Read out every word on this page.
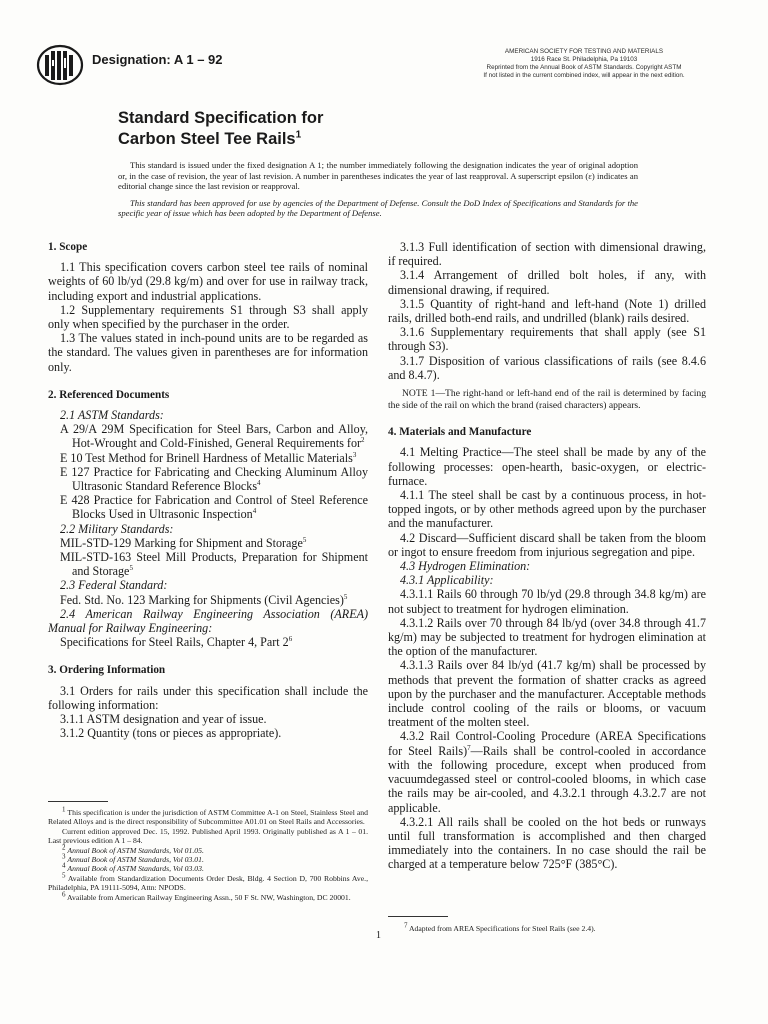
Designation: A 1 – 92
AMERICAN SOCIETY FOR TESTING AND MATERIALS
1916 Race St. Philadelphia, Pa 19103
Reprinted from the Annual Book of ASTM Standards. Copyright ASTM
If not listed in the current combined index, will appear in the next edition.
Standard Specification for
Carbon Steel Tee Rails$^1$

This standard is issued under the fixed designation A 1; the number immediately following the designation indicates the year of original adoption or, in the case of revision, the year of last revision. A number in parentheses indicates the year of last reapproval. A superscript epsilon (ε) indicates an editorial change since the last revision or reapproval.

This standard has been approved for use by agencies of the Department of Defense. Consult the DoD Index of Specifications and Standards for the specific year of issue which has been adopted by the Department of Defense.

1. Scope

1.1 This specification covers carbon steel tee rails of nominal weights of 60 lb/yd (29.8 kg/m) and over for use in railway track, including export and industrial applications.

1.2 Supplementary requirements S1 through S3 shall apply only when specified by the purchaser in the order.

1.3 The values stated in inch-pound units are to be regarded as the standard. The values given in parentheses are for information only.

2. Referenced Documents

2.1 ASTM Standards:

A 29/A 29M Specification for Steel Bars, Carbon and Alloy, Hot-Wrought and Cold-Finished, General Requirements for$^2$

E 10 Test Method for Brinell Hardness of Metallic Materials$^3$

E 127 Practice for Fabricating and Checking Aluminum Alloy Ultrasonic Standard Reference Blocks$^4$

E 428 Practice for Fabrication and Control of Steel Reference Blocks Used in Ultrasonic Inspection$^4$

2.2 Military Standards:

MIL-STD-129 Marking for Shipment and Storage$^5$

MIL-STD-163 Steel Mill Products, Preparation for Shipment and Storage$^5$

2.3 Federal Standard:

Fed. Std. No. 123 Marking for Shipments (Civil Agencies)$^5$

2.4 American Railway Engineering Association (AREA) Manual for Railway Engineering:

Specifications for Steel Rails, Chapter 4, Part $2^6$

3. Ordering Information

3.1 Orders for rails under this specification shall include the following information:

3.1.1 ASTM designation and year of issue.

3.1.2 Quantity (tons or pieces as appropriate).

3.1.3 Full identification of section with dimensional drawing, if required.

3.1.4 Arrangement of drilled bolt holes, if any, with dimensional drawing, if required.

3.1.5 Quantity of right-hand and left-hand (Note 1) drilled rails, drilled both-end rails, and undrilled (blank) rails desired.

3.1.6 Supplementary requirements that shall apply (see S1 through S3).

3.1.7 Disposition of various classifications of rails (see 8.4.6 and 8.4.7).

NOTE 1—The right-hand or left-hand end of the rail is determined by facing the side of the rail on which the brand (raised characters) appears.

4. Materials and Manufacture

4.1 Melting Practice—The steel shall be made by any of the following processes: open-hearth, basic-oxygen, or electric-furnace.

4.1.1 The steel shall be cast by a continuous process, in hot-topped ingots, or by other methods agreed upon by the purchaser and the manufacturer.

4.2 Discard—Sufficient discard shall be taken from the bloom or ingot to ensure freedom from injurious segregation and pipe.

4.3 Hydrogen Elimination:

4.3.1 Applicability:

4.3.1.1 Rails 60 through 70 lb/yd (29.8 through 34.8 kg/m) are not subject to treatment for hydrogen elimination.

4.3.1.2 Rails over 70 through 84 lb/yd (over 34.8 through 41.7 kg/m) may be subjected to treatment for hydrogen elimination at the option of the manufacturer.

4.3.1.3 Rails over 84 lb/yd (41.7 kg/m) shall be processed by methods that prevent the formation of shatter cracks as agreed upon by the purchaser and the manufacturer. Acceptable methods include control cooling of the rails or blooms, or vacuum treatment of the molten steel.

4.3.2 Rail Control-Cooling Procedure (AREA Specifications for Steel Rails)$^7$—Rails shall be control-cooled in accordance with the following procedure, except when produced from vacuumdegassed steel or control-cooled blooms, in which case the rails may be air-cooled, and 4.3.2.1 through 4.3.2.7 are not applicable.

4.3.2.1 All rails shall be cooled on the hot beds or runways until full transformation is accomplished and then charged immediately into the containers. In no case should the rail be charged at a temperature below 725°F (385°C).

$^1$ This specification is under the jurisdiction of ASTM Committee A-1 on Steel, Stainless Steel and Related Alloys and is the direct responsibility of Subcommittee A01.01 on Steel Rails and Accessories.

Current edition approved Dec. 15, 1992. Published April 1993. Originally published as A 1 – 01. Last previous edition A 1 – 84.

$^2$ Annual Book of ASTM Standards, Vol 01.05.

$^3$ Annual Book of ASTM Standards, Vol 03.01.

$^4$ Annual Book of ASTM Standards, Vol 03.03.

$^5$ Available from Standardization Documents Order Desk, Bldg. 4 Section D, 700 Robbins Ave., Philadelphia, PA 19111-5094, Attn: NPODS.

$^6$ Available from American Railway Engineering Assn., 50 F St. NW, Washington, DC 20001.

$^7$ Adapted from AREA Specifications for Steel Rails (see 2.4).

1
